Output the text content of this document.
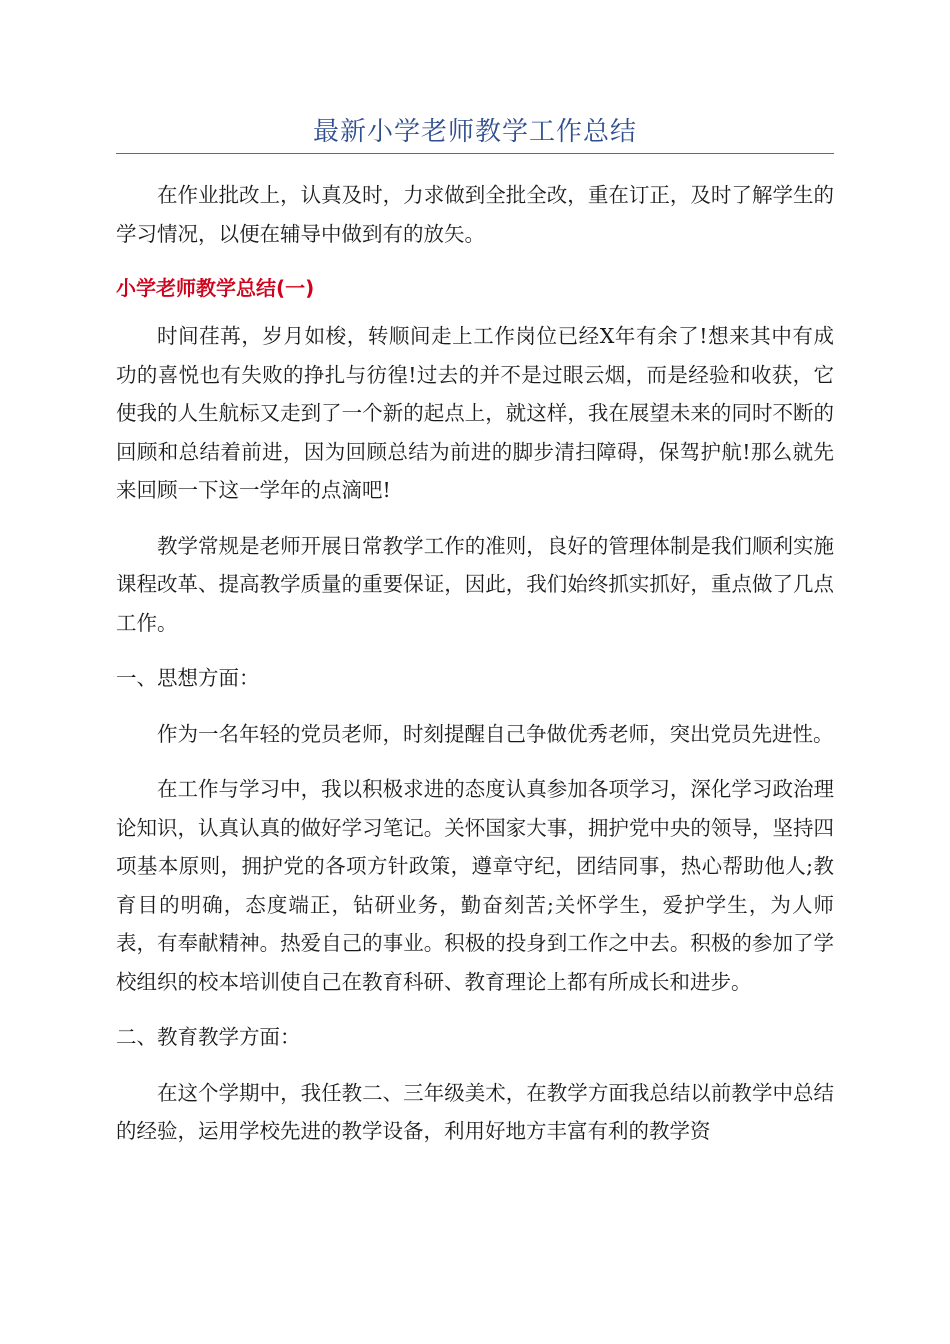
最新小学老师教学工作总结

在作业批改上，认真及时，力求做到全批全改，重在订正，及时了解学生的学习情况，以便在辅导中做到有的放矢。

小学老师教学总结(一)

时间荏苒，岁月如梭，转顺间走上工作岗位已经X年有余了!想来其中有成功的喜悦也有失败的挣扎与彷徨!过去的并不是过眼云烟，而是经验和收获，它使我的人生航标又走到了一个新的起点上，就这样，我在展望未来的同时不断的回顾和总结着前进，因为回顾总结为前进的脚步清扫障碍，保驾护航!那么就先来回顾一下这一学年的点滴吧!

教学常规是老师开展日常教学工作的准则，良好的管理体制是我们顺利实施课程改革、提高教学质量的重要保证，因此，我们始终抓实抓好，重点做了几点工作。

一、思想方面：

作为一名年轻的党员老师，时刻提醒自己争做优秀老师，突出党员先进性。

在工作与学习中，我以积极求进的态度认真参加各项学习，深化学习政治理论知识，认真认真的做好学习笔记。关怀国家大事，拥护党中央的领导，坚持四项基本原则，拥护党的各项方针政策，遵章守纪，团结同事，热心帮助他人;教育目的明确，态度端正，钻研业务，勤奋刻苦;关怀学生，爱护学生，为人师表，有奉献精神。热爱自己的事业。积极的投身到工作之中去。积极的参加了学校组织的校本培训使自己在教育科研、教育理论上都有所成长和进步。

二、教育教学方面：

在这个学期中，我任教二、三年级美术，在教学方面我总结以前教学中总结的经验，运用学校先进的教学设备，利用好地方丰富有利的教学资
